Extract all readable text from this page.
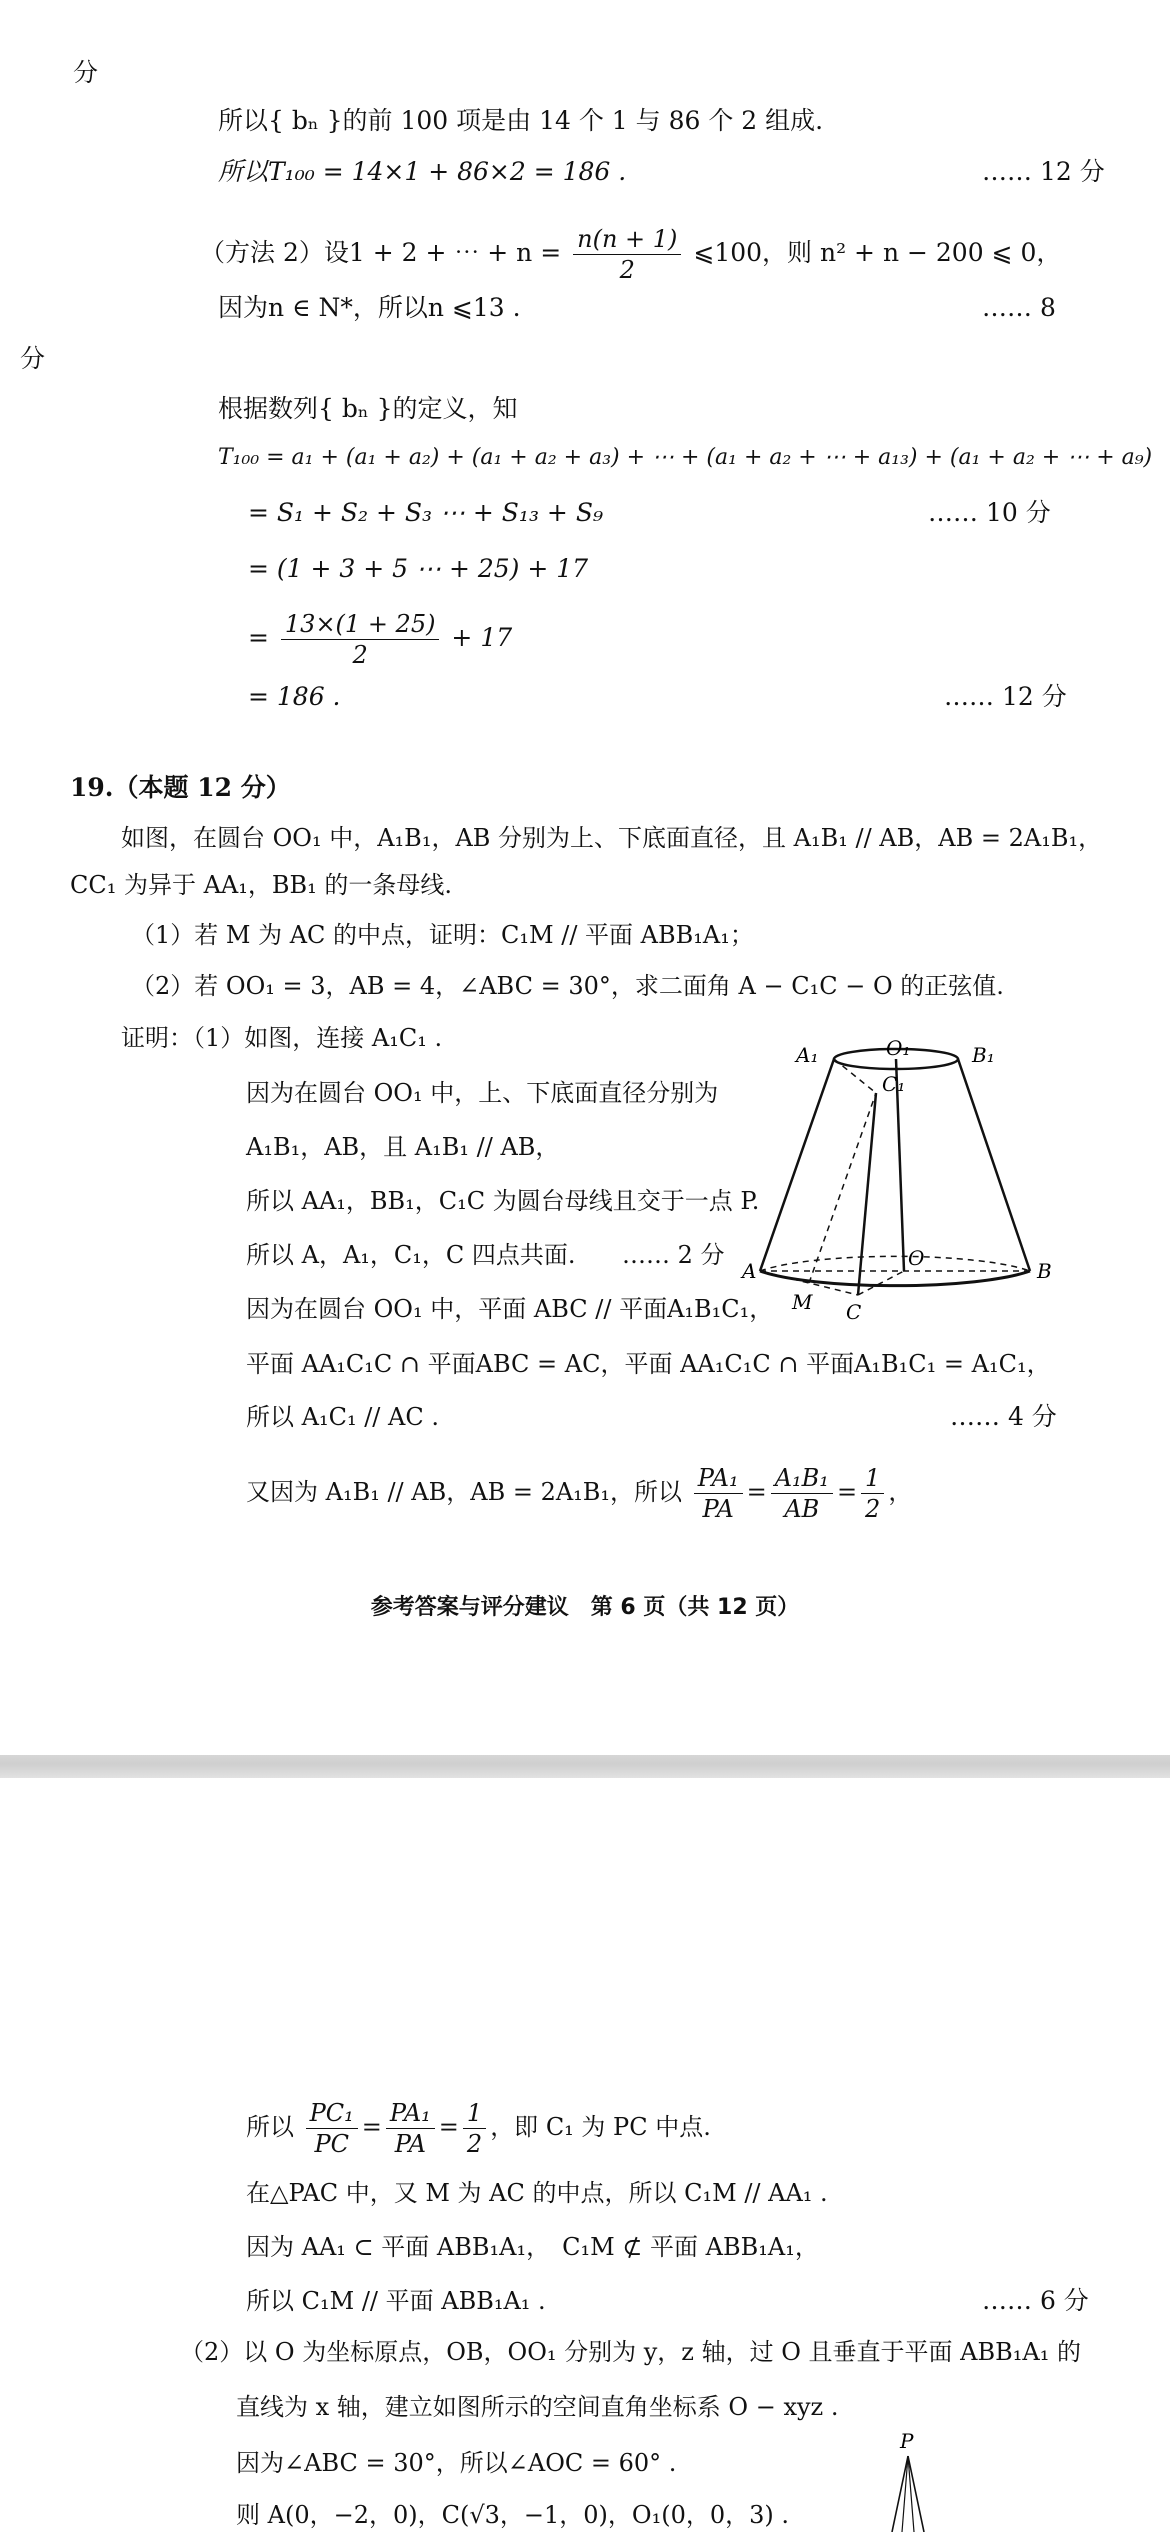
分
所以{ bₙ }的前 100 项是由 14 个 1 与 86 个 2 组成.
所以T₁₀₀ = 14×1 + 86×2 = 186 .	…… 12 分
（方法 2）设1 + 2 + ⋯ + $n = \frac{n(n + 1)}{2}$ ⩽100，则 n² + n − 200 ⩽ 0，
因为n ∈ N*，所以n ⩽13 .	…… 8
分
根据数列{ bₙ }的定义，知
T₁₀₀ = a₁ + (a₁ + a₂) + (a₁ + a₂ + a₃) + ⋯ + (a₁ + a₂ + ⋯ + a₁₃) + (a₁ + a₂ + ⋯ + a₉)
= S₁ + S₂ + S₃ ⋯ + S₁₃ + S₉	…… 10 分
= (1 + 3 + 5 ⋯ + 25) + 17
= $\frac{13\times(1 + 25)}{2} + 17$
= 186 .	…… 12 分
19.（本题 12 分）
如图，在圆台 OO₁ 中，A₁B₁，AB 分别为上、下底面直径，且 A₁B₁ // AB，AB = 2A₁B₁，
CC₁ 为异于 AA₁，BB₁ 的一条母线.
（1）若 M 为 AC 的中点，证明：C₁M // 平面 ABB₁A₁；
（2）若 OO₁ = 3，AB = 4，∠ABC = 30°，求二面角 A − C₁C − O 的正弦值.
证明：（1）如图，连接 A₁C₁ .
因为在圆台 OO₁ 中，上、下底面直径分别为
A₁B₁，AB，且 A₁B₁ // AB，
所以 AA₁，BB₁，C₁C 为圆台母线且交于一点 P.
所以 A，A₁，C₁，C 四点共面. …… 2 分
因为在圆台 OO₁ 中，平面 ABC // 平面A₁B₁C₁，
平面 AA₁C₁C ∩ 平面ABC = AC，平面 AA₁C₁C ∩ 平面A₁B₁C₁ = A₁C₁，
所以 A₁C₁ // AC .	…… 4 分
又因为 A₁B₁ // AB，AB = 2A₁B₁，所以 $\frac{\text{PA₁}}{PA} = \frac{\text{A₁B₁}}{AB} = \frac{1}{2}$ ，
A₁	O₁	B₁
C₁
O
A	B
M C
参考答案与评分建议　第 6 页（共 12 页）
所以 $\frac{\text{PC₁}}{PC} = \frac{\text{PA₁}}{PA} = \frac{1}{2}$ ，即 C₁ 为 PC 中点.
在△PAC 中，又 M 为 AC 的中点，所以 C₁M // AA₁ .
因为 AA₁ ⊂ 平面 ABB₁A₁，　C₁M ⊄ 平面 ABB₁A₁，
所以 C₁M // 平面 ABB₁A₁ .	…… 6 分
（2）以 O 为坐标原点，OB，OO₁ 分别为 y，z 轴，过 O 且垂直于平面 ABB₁A₁ 的
直线为 x 轴，建立如图所示的空间直角坐标系 O − xyz .
因为∠ABC = 30°，所以∠AOC = 60° .
则 A(0，−2，0)，C(√3，−1，0)，O₁(0，0，3) .
P
